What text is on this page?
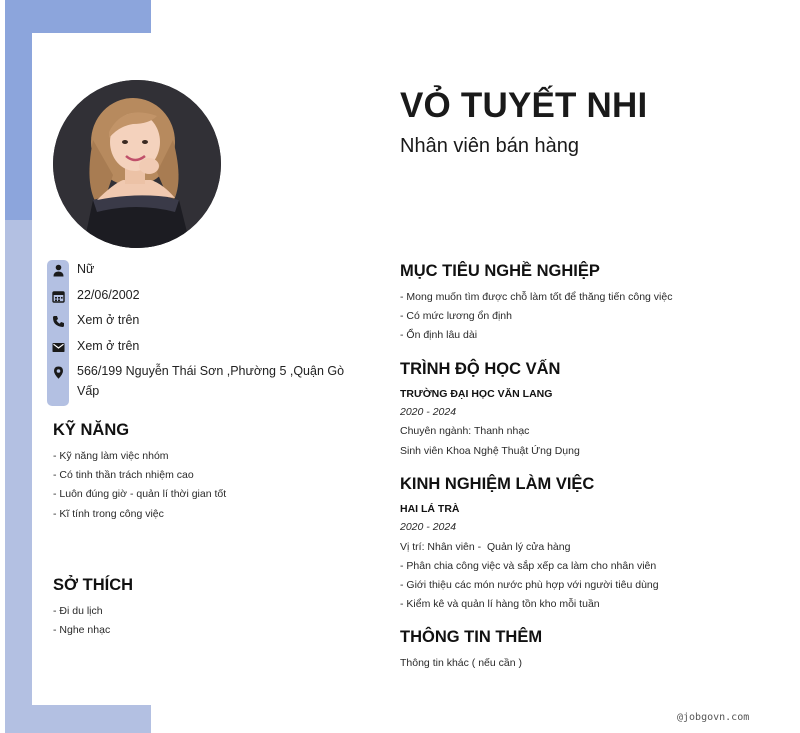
VỎ TUYẾT NHI
Nhân viên bán hàng
Nữ
22/06/2002
Xem ở trên
Xem ở trên
566/199 Nguyễn Thái Sơn ,Phường 5 ,Quận Gò
Vấp
KỸ NĂNG
- Kỹ năng làm việc nhóm
- Có tinh thần trách nhiệm cao
- Luôn đúng giờ - quản lí thời gian tốt
- Kĩ tính trong công việc
SỞ THÍCH
- Đi du lịch
- Nghe nhạc
MỤC TIÊU NGHỀ NGHIỆP
- Mong muốn tìm được chỗ làm tốt để thăng tiến công việc
- Có mức lương ổn định
- Ổn định lâu dài
TRÌNH ĐỘ HỌC VẤN
TRƯỜNG ĐẠI HỌC VĂN LANG
2020 - 2024
Chuyên ngành: Thanh nhạc
Sinh viên Khoa Nghệ Thuật Ứng Dụng
KINH NGHIỆM LÀM VIỆC
HAI LÁ TRÀ
2020 - 2024
Vị trí: Nhân viên -  Quản lý cửa hàng
- Phân chia công việc và sắp xếp ca làm cho nhân viên
- Giới thiệu các món nước phù hợp với người tiêu dùng
- Kiểm kê và quản lí hàng tồn kho mỗi tuần
THÔNG TIN THÊM
Thông tin khác ( nếu cần )
@jobgovn.com
